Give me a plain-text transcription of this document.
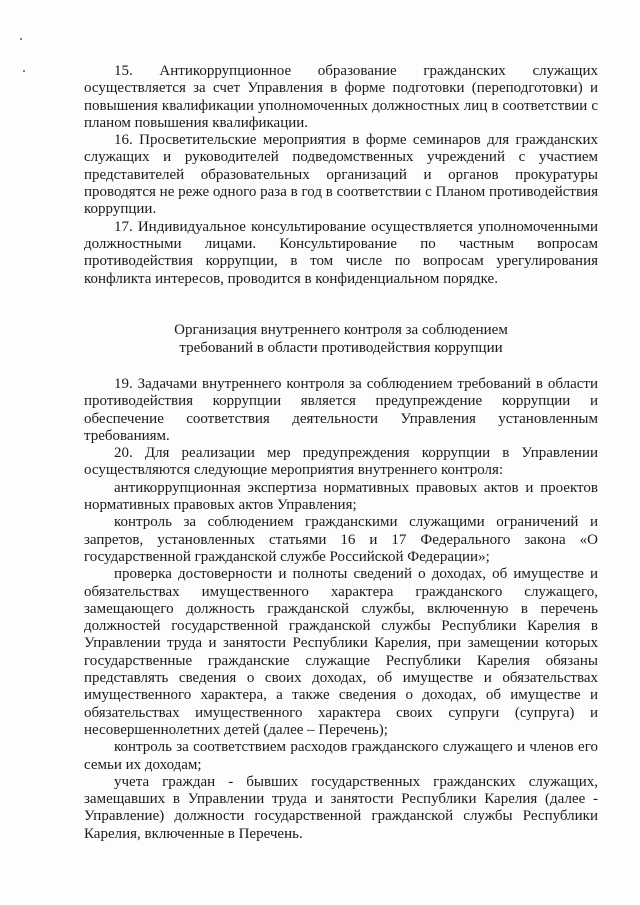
15. Антикоррупционное образование гражданских служащих осуществляется за счет Управления в форме подготовки (переподготовки) и повышения квалификации уполномоченных должностных лиц в соответствии с планом повышения квалификации.

16. Просветительские мероприятия в форме семинаров для гражданских служащих и руководителей подведомственных учреждений с участием представителей образовательных организаций и органов прокуратуры проводятся не реже одного раза в год в соответствии с Планом противодействия коррупции.

17. Индивидуальное консультирование осуществляется уполномоченными должностными лицами. Консультирование по частным вопросам противодействия коррупции, в том числе по вопросам урегулирования конфликта интересов, проводится в конфиденциальном порядке.

Организация внутреннего контроля за соблюдением
требований в области противодействия коррупции

19. Задачами внутреннего контроля за соблюдением требований в области противодействия коррупции является предупреждение коррупции и обеспечение соответствия деятельности Управления установленным требованиям.

20. Для реализации мер предупреждения коррупции в Управлении осуществляются следующие мероприятия внутреннего контроля:

антикоррупционная экспертиза нормативных правовых актов и проектов нормативных правовых актов Управления;

контроль за соблюдением гражданскими служащими ограничений и запретов, установленных статьями 16 и 17 Федерального закона «О государственной гражданской службе Российской Федерации»;

проверка достоверности и полноты сведений о доходах, об имуществе и обязательствах имущественного характера гражданского служащего, замещающего должность гражданской службы, включенную в перечень должностей государственной гражданской службы Республики Карелия в Управлении труда и занятости Республики Карелия, при замещении которых государственные гражданские служащие Республики Карелия обязаны представлять сведения о своих доходах, об имуществе и обязательствах имущественного характера, а также сведения о доходах, об имуществе и обязательствах имущественного характера своих супруги (супруга) и несовершеннолетних детей (далее – Перечень);

контроль за соответствием расходов гражданского служащего и членов его семьи их доходам;

учета граждан - бывших государственных гражданских служащих, замещавших в Управлении труда и занятости Республики Карелия (далее - Управление) должности государственной гражданской службы Республики Карелия, включенные в Перечень.
